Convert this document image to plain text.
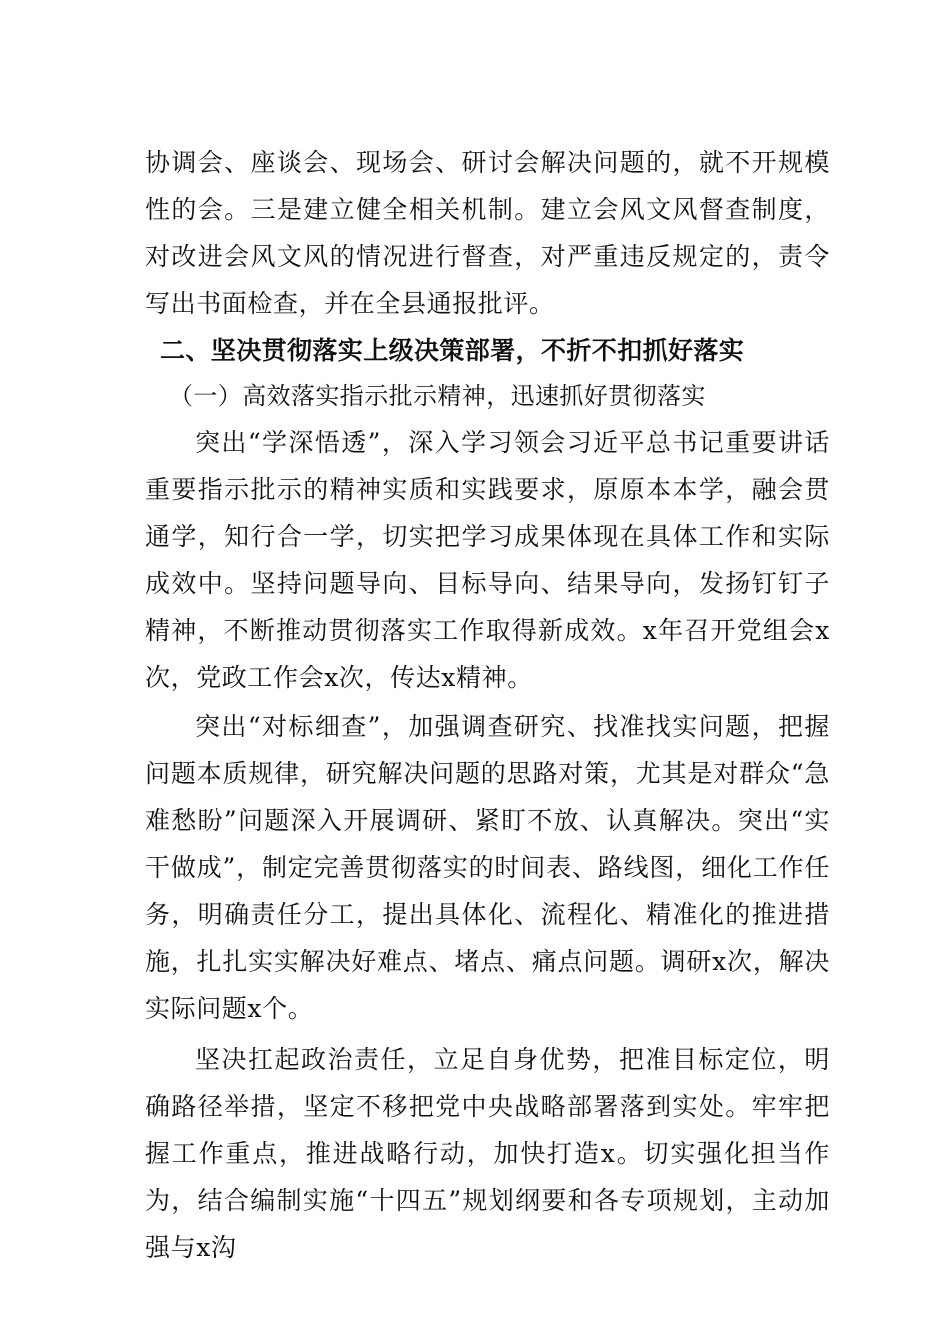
协调会、座谈会、现场会、研讨会解决问题的，就不开规模性的会。三是建立健全相关机制。建立会风文风督查制度，对改进会风文风的情况进行督查，对严重违反规定的，责令写出书面检查，并在全县通报批评。

二、坚决贯彻落实上级决策部署，不折不扣抓好落实

（一）高效落实指示批示精神，迅速抓好贯彻落实

突出“学深悟透”，深入学习领会习近平总书记重要讲话重要指示批示的精神实质和实践要求，原原本本学，融会贯通学，知行合一学，切实把学习成果体现在具体工作和实际成效中。坚持问题导向、目标导向、结果导向，发扬钉钉子精神，不断推动贯彻落实工作取得新成效。x年召开党组会x次，党政工作会x次，传达x精神。

突出“对标细查”，加强调查研究、找准找实问题，把握问题本质规律，研究解决问题的思路对策，尤其是对群众“急难愁盼”问题深入开展调研、紧盯不放、认真解决。突出“实干做成”，制定完善贯彻落实的时间表、路线图，细化工作任务，明确责任分工，提出具体化、流程化、精准化的推进措施，扎扎实实解决好难点、堵点、痛点问题。调研x次，解决实际问题x个。

坚决扛起政治责任，立足自身优势，把准目标定位，明确路径举措，坚定不移把党中央战略部署落到实处。牢牢把握工作重点，推进战略行动，加快打造x。切实强化担当作为，结合编制实施“十四五”规划纲要和各专项规划，主动加强与x沟
